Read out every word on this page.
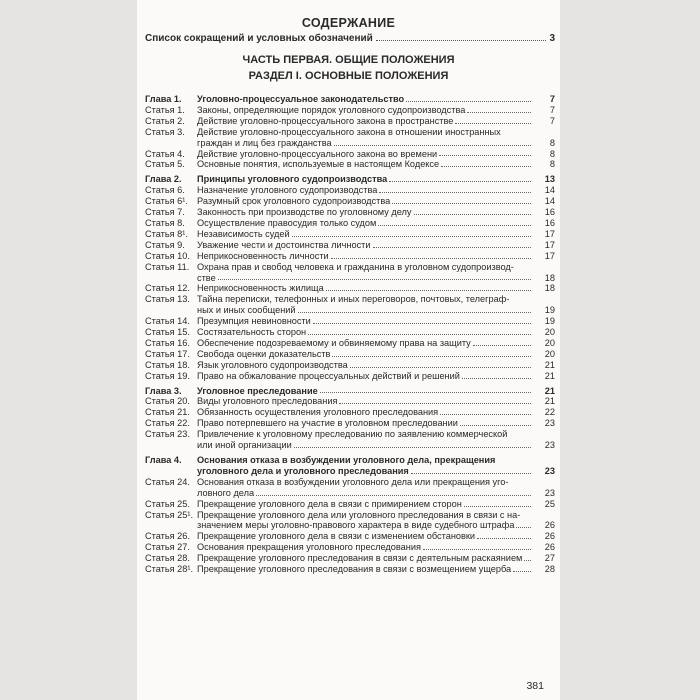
СОДЕРЖАНИЕ
Список сокращений и условных обозначений	3
ЧАСТЬ ПЕРВАЯ. ОБЩИЕ ПОЛОЖЕНИЯ
РАЗДЕЛ I. ОСНОВНЫЕ ПОЛОЖЕНИЯ
Глава 1.	Уголовно-процессуальное законодательство	7
Статья 1.	Законы, определяющие порядок уголовного судопроизводства	7
Статья 2.	Действие уголовно-процессуального закона в пространстве	7
Статья 3.	Действие уголовно-процессуального закона в отношении иностранных
граждан и лиц без гражданства	8
Статья 4.	Действие уголовно-процессуального закона во времени	8
Статья 5.	Основные понятия, используемые в настоящем Кодексе	8
Глава 2.	Принципы уголовного судопроизводства	13
Статья 6.	Назначение уголовного судопроизводства	14
Статья 6¹. Разумный срок уголовного судопроизводства	14
Статья 7.	Законность при производстве по уголовному делу	16
Статья 8.	Осуществление правосудия только судом	16
Статья 8¹. Независимость судей	17
Статья 9.	Уважение чести и достоинства личности	17
Статья 10. Неприкосновенность личности	17
Статья 11. Охрана прав и свобод человека и гражданина в уголовном судопроизвод-
стве	18
Статья 12. Неприкосновенность жилища	18
Статья 13. Тайна переписки, телефонных и иных переговоров, почтовых, телеграф-
ных и иных сообщений	19
Статья 14. Презумпция невиновности	19
Статья 15. Состязательность сторон	20
Статья 16. Обеспечение подозреваемому и обвиняемому права на защиту	20
Статья 17. Свобода оценки доказательств	20
Статья 18. Язык уголовного судопроизводства	21
Статья 19. Право на обжалование процессуальных действий и решений	21
Глава 3.	Уголовное преследование	21
Статья 20. Виды уголовного преследования	21
Статья 21. Обязанность осуществления уголовного преследования	22
Статья 22. Право потерпевшего на участие в уголовном преследовании	23
Статья 23. Привлечение к уголовному преследованию по заявлению коммерческой
или иной организации	23
Глава 4.	Основания отказа в возбуждении уголовного дела, прекращения
уголовного дела и уголовного преследования	23
Статья 24. Основания отказа в возбуждении уголовного дела или прекращения уго-
ловного дела	23
Статья 25. Прекращение уголовного дела в связи с примирением сторон	25
Статья 25¹. Прекращение уголовного дела или уголовного преследования в связи с на-
значением меры уголовно-правового характера в виде судебного штрафа	26
Статья 26. Прекращение уголовного дела в связи с изменением обстановки	26
Статья 27. Основания прекращения уголовного преследования	26
Статья 28. Прекращение уголовного преследования в связи с деятельным раскаянием	27
Статья 28¹. Прекращение уголовного преследования в связи с возмещением ущерба	28
381
